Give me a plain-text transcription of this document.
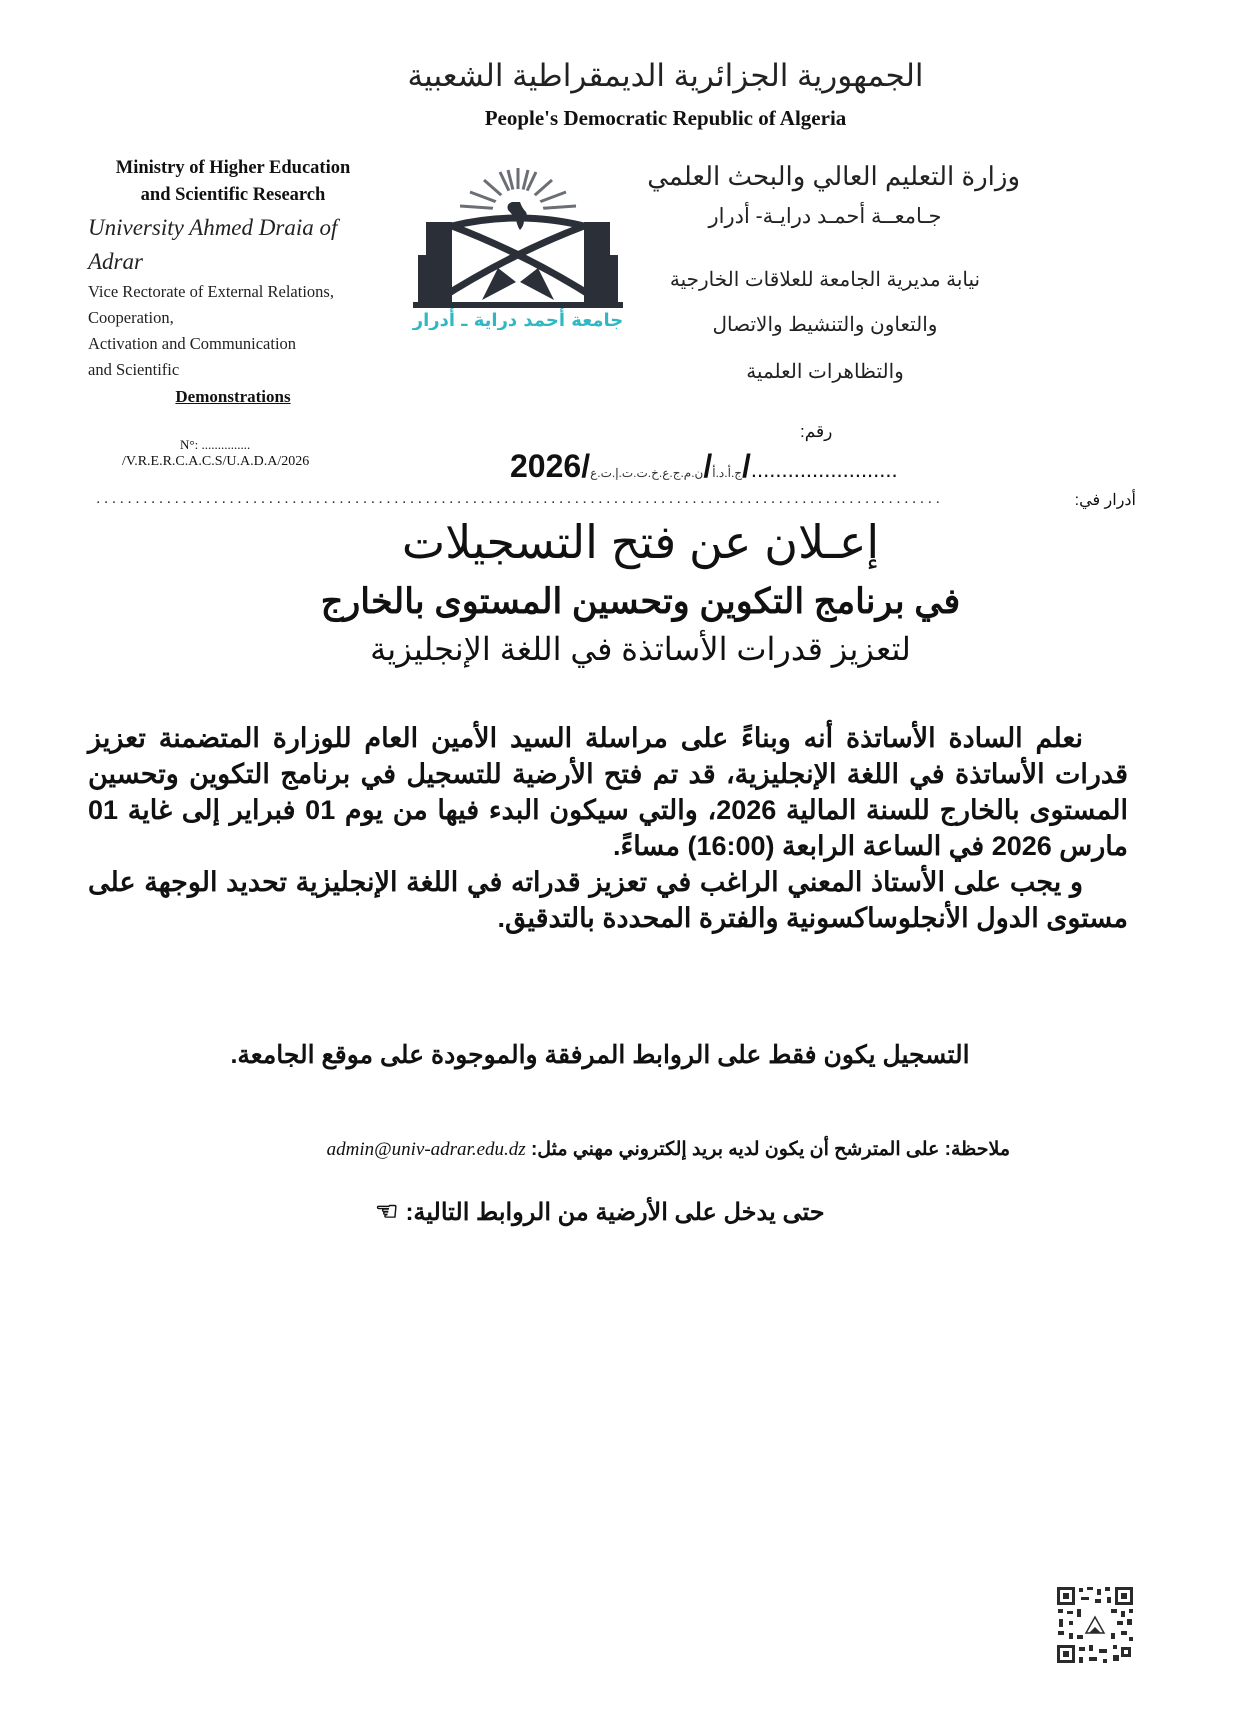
الجمهورية الجزائرية الديمقراطية الشعبية
People's Democratic Republic of Algeria
Ministry of Higher Education
and Scientific Research
University Ahmed Draia of
Adrar
Vice Rectorate of External Relations,
Cooperation,
Activation and Communication
and Scientific
Demonstrations
N°: ...............
/V.R.E.R.C.A.C.S/U.A.D.A/2026
جامعة أحمد دراية ـ أدرار
وزارة التعليم العالي والبحث العلمي
جـامعــة أحمـد درايـة- أدرار
نيابة مديرية الجامعة للعلاقات الخارجية
والتعاون والتنشيط والاتصال
والتظاهرات العلمية
رقم:
2026/	ج.أ.د.أ/ن.م.ج.ع.خ.ت.ت.إ.ت.ع /........................
............................................................................................................	أدرار في:
إعـلان عن فتح التسجيلات
في برنامج التكوين وتحسين المستوى بالخارج
لتعزيز قدرات الأساتذة في اللغة الإنجليزية

نعلم السادة الأساتذة أنه وبناءً على مراسلة السيد الأمين العام للوزارة المتضمنة تعزيز قدرات الأساتذة في اللغة الإنجليزية، قد تم فتح الأرضية للتسجيل في برنامج التكوين وتحسين المستوى بالخارج للسنة المالية 2026، والتي سيكون البدء فيها من يوم 01 فبراير إلى غاية 01 مارس 2026 في الساعة الرابعة (16:00) مساءً.

و يجب على الأستاذ المعني الراغب في تعزيز قدراته في اللغة الإنجليزية تحديد الوجهة على مستوى الدول الأنجلوساكسونية والفترة المحددة بالتدقيق.

التسجيل يكون فقط على الروابط المرفقة والموجودة على موقع الجامعة.
ملاحظة: على المترشح أن يكون لديه بريد إلكتروني مهني مثل: admin@univ-adrar.edu.dz
حتى يدخل على الأرضية من الروابط التالية: ☞
